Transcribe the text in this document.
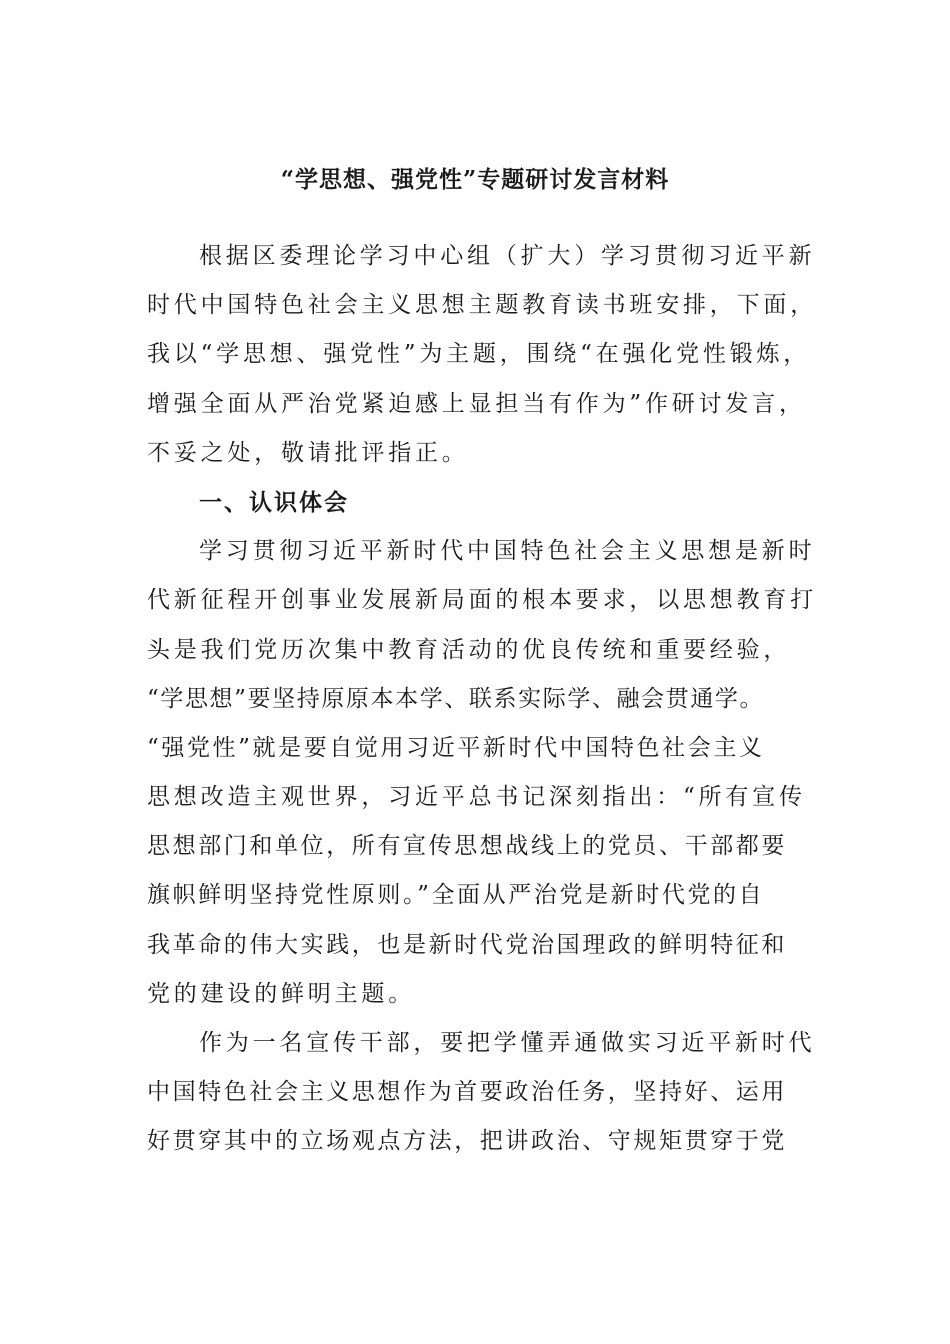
“学思想、强党性”专题研讨发言材料
根据区委理论学习中心组（扩大）学习贯彻习近平新
时代中国特色社会主义思想主题教育读书班安排，下面，
我以“学思想、强党性”为主题，围绕“在强化党性锻炼，
增强全面从严治党紧迫感上显担当有作为”作研讨发言，
不妥之处，敬请批评指正。
一、认识体会
学习贯彻习近平新时代中国特色社会主义思想是新时
代新征程开创事业发展新局面的根本要求，以思想教育打
头是我们党历次集中教育活动的优良传统和重要经验，
“学思想”要坚持原原本本学、联系实际学、融会贯通学。
“强党性”就是要自觉用习近平新时代中国特色社会主义
思想改造主观世界，习近平总书记深刻指出：“所有宣传
思想部门和单位，所有宣传思想战线上的党员、干部都要
旗帜鲜明坚持党性原则。”全面从严治党是新时代党的自
我革命的伟大实践，也是新时代党治国理政的鲜明特征和
党的建设的鲜明主题。
作为一名宣传干部，要把学懂弄通做实习近平新时代
中国特色社会主义思想作为首要政治任务，坚持好、运用
好贯穿其中的立场观点方法，把讲政治、守规矩贯穿于党
